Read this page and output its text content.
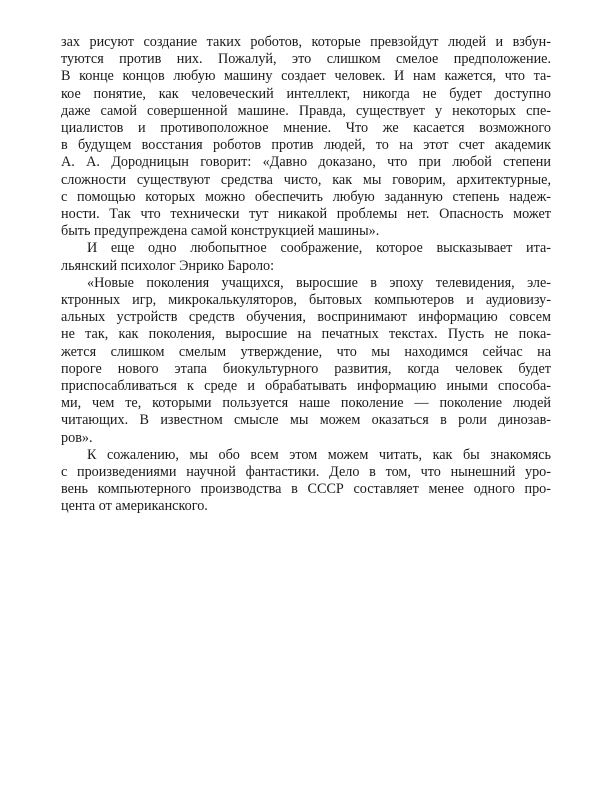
зах рисуют создание таких роботов, которые превзойдут людей и взбун-
туются против них. Пожалуй, это слишком смелое предположение.
В конце концов любую машину создает человек. И нам кажется, что та-
кое понятие, как человеческий интеллект, никогда не будет доступно
даже самой совершенной машине. Правда, существует у некоторых спе-
циалистов и противоположное мнение. Что же касается возможного
в будущем восстания роботов против людей, то на этот счет академик
А. А. Дородницын говорит: «Давно доказано, что при любой степени
сложности существуют средства чисто, как мы говорим, архитектурные,
с помощью которых можно обеспечить любую заданную степень надеж-
ности. Так что технически тут никакой проблемы нет. Опасность может
быть предупреждена самой конструкцией машины».
И еще одно любопытное соображение, которое высказывает ита-
льянский психолог Энрико Бароло:
«Новые поколения учащихся, выросшие в эпоху телевидения, эле-
ктронных игр, микрокалькуляторов, бытовых компьютеров и аудиовизу-
альных устройств средств обучения, воспринимают информацию совсем
не так, как поколения, выросшие на печатных текстах. Пусть не пока-
жется слишком смелым утверждение, что мы находимся сейчас на
пороге нового этапа биокультурного развития, когда человек будет
приспосабливаться к среде и обрабатывать информацию иными способа-
ми, чем те, которыми пользуется наше поколение — поколение людей
читающих. В известном смысле мы можем оказаться в роли динозав-
ров».
К сожалению, мы обо всем этом можем читать, как бы знакомясь
с произведениями научной фантастики. Дело в том, что нынешний уро-
вень компьютерного производства в СССР составляет менее одного про-
цента от американского.
